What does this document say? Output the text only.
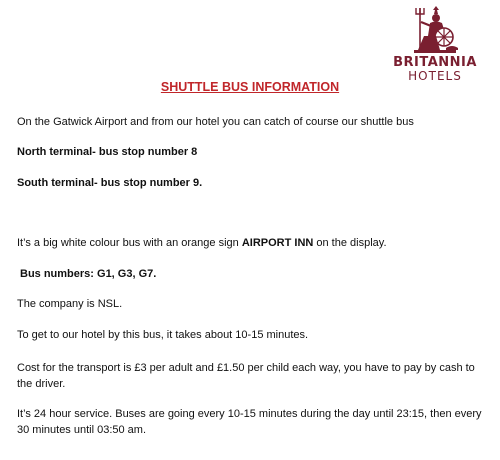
BRITANNIA
HOTELS
SHUTTLE BUS INFORMATION
On the Gatwick Airport and from our hotel you can catch of course our shuttle bus
North terminal- bus stop number 8
South terminal- bus stop number 9.
It’s a big white colour bus with an orange sign AIRPORT INN on the display.
Bus numbers: G1, G3, G7.
The company is NSL.
To get to our hotel by this bus, it takes about 10-15 minutes.
Cost for the transport is £3 per adult and £1.50 per child each way, you have to pay by cash to the driver.
It’s 24 hour service. Buses are going every 10-15 minutes during the day until 23:15, then every 30 minutes until 03:50 am.
